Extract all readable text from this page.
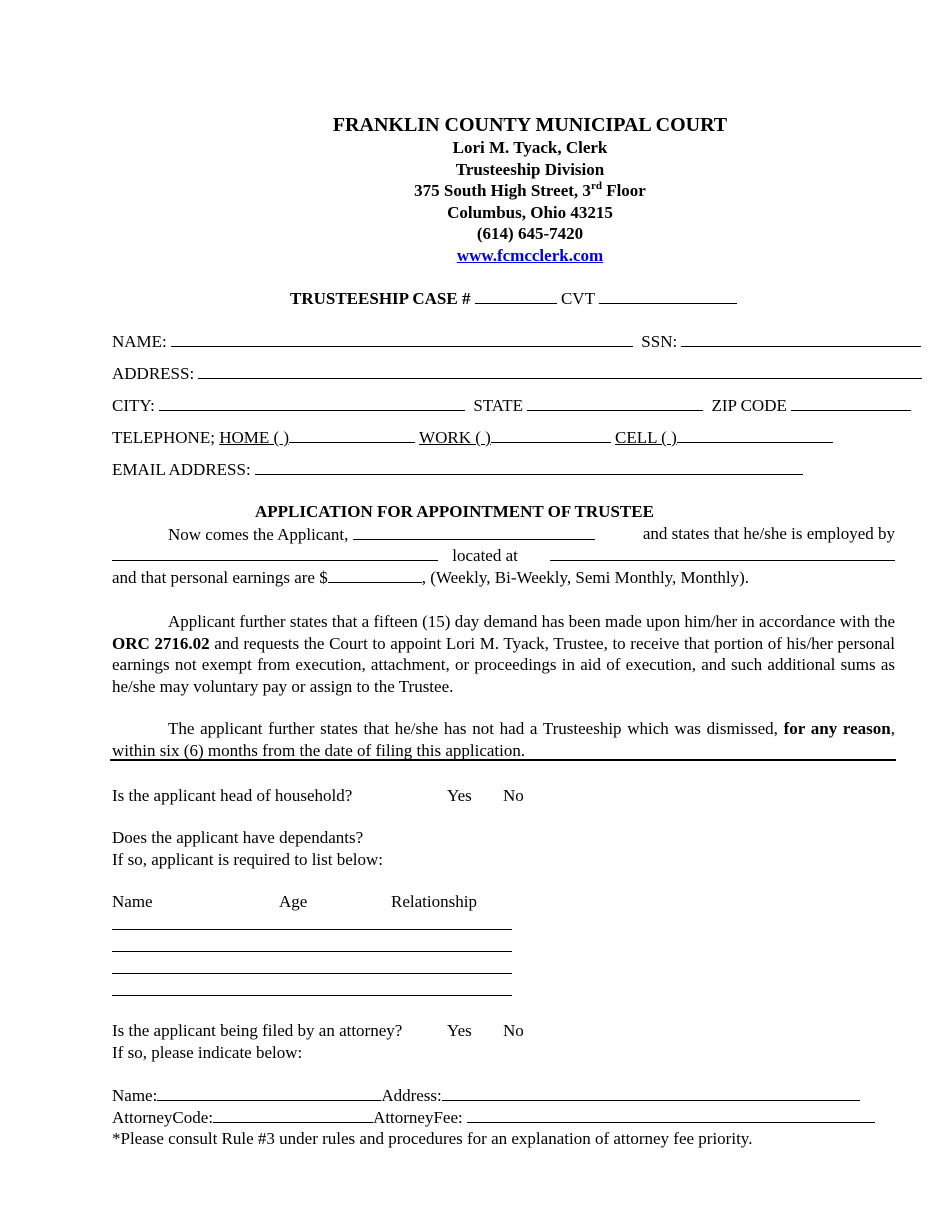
FRANKLIN COUNTY MUNICIPAL COURT
Lori M. Tyack, Clerk
Trusteeship Division
375 South High Street, 3rd Floor
Columbus, Ohio 43215
(614) 645-7420
www.fcmcclerk.com
TRUSTEESHIP CASE #	CVT
NAME:	SSN:
ADDRESS:
CITY:	STATE	ZIP CODE
TELEPHONE; HOME ( )	WORK ( )	CELL ( )
EMAIL ADDRESS:
APPLICATION FOR APPOINTMENT OF TRUSTEE
Now comes the Applicant,	and states that he/she is employed by
located at
and that personal earnings are $	, (Weekly, Bi-Weekly, Semi Monthly, Monthly).
Applicant further states that a fifteen (15) day demand has been made upon him/her in accordance with the ORC 2716.02 and requests the Court to appoint Lori M. Tyack, Trustee, to receive that portion of his/her personal earnings not exempt from execution, attachment, or proceedings in aid of execution, and such additional sums as he/she may voluntary pay or assign to the Trustee.
The applicant further states that he/she has not had a Trusteeship which was dismissed, for any reason, within six (6) months from the date of filing this application.
Is the applicant head of household?	Yes No
Does the applicant have dependants?
If so, applicant is required to list below:
Name	Age	Relationship
Is the applicant being filed by an attorney?	Yes No
If so, please indicate below:
Name:	Address:
AttorneyCode:	AttorneyFee:
*Please consult Rule #3 under rules and procedures for an explanation of attorney fee priority.
